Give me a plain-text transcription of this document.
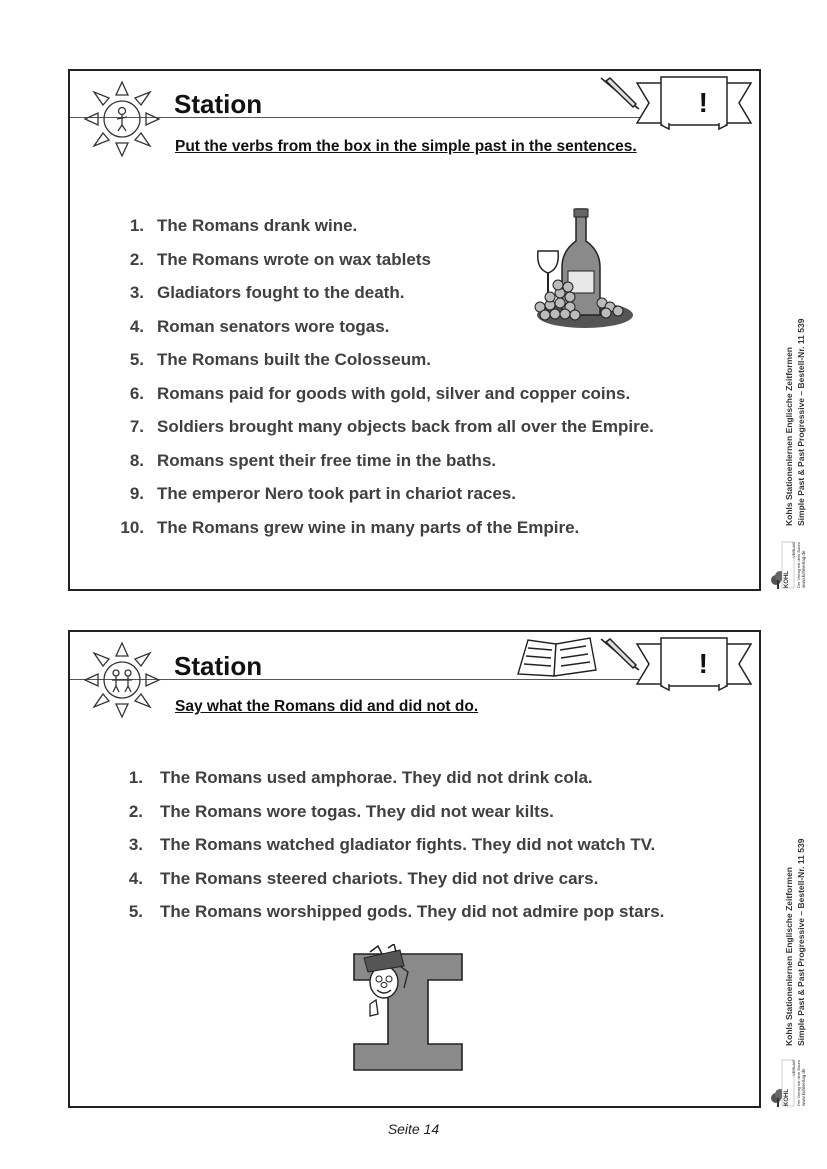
Station
Put the verbs from the box in the simple past in the sentences.
!
1. The Romans drank wine.
2. The Romans wrote on wax tablets
3. Gladiators fought to the death.
4. Roman senators wore togas.
5. The Romans built the Colosseum.
6. Romans paid for goods with gold, silver and copper coins.
7. Soldiers brought many objects back from all over the Empire.
8. Romans spent their free time in the baths.
9. The emperor Nero took part in chariot races.
10. The Romans grew wine in many parts of the Empire.
Station
Say what the Romans did and did not do.
!
1. The Romans used amphorae. They did not drink cola.
2. The Romans wore togas. They did not wear kilts.
3. The Romans watched gladiator fights. They did not watch TV.
4. The Romans steered chariots. They did not drive cars.
5. The Romans worshipped gods. They did not admire pop stars.
Kohls Stationenlernen Englische Zeitformen Simple Past & Past Progressive – Bestell-Nr. 11 539
KOHL
VERLAG Der Verlag mit dem Baum www.kohlverlag.de
Kohls Stationenlernen Englische Zeitformen Simple Past & Past Progressive – Bestell-Nr. 11 539
KOHL
VERLAG Der Verlag mit dem Baum www.kohlverlag.de
Seite 14
